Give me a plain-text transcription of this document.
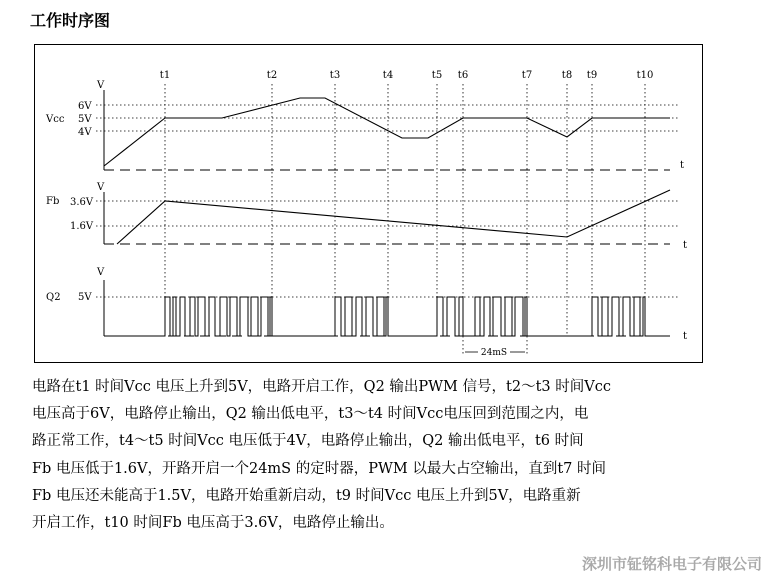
工作时序图
t1	t2	t3	t4	t5 t6	t7	t8 t9	t10
Vcc
V
6V
5V
4V
t
Fb
V
3.6V
1.6V
t
Q2
V
5V
t
24mS

电路在t1 时间Vcc 电压上升到5V，电路开启工作，Q2 输出PWM 信号，t2～t3 时间Vcc

电压高于6V，电路停止输出，Q2 输出低电平，t3～t4 时间Vcc电压回到范围之内，电

路正常工作，t4～t5 时间Vcc 电压低于4V，电路停止输出，Q2 输出低电平，t6 时间

Fb 电压低于1.6V，开路开启一个24mS 的定时器，PWM 以最大占空输出，直到t7 时间

Fb 电压还未能高于1.5V，电路开始重新启动，t9 时间Vcc 电压上升到5V，电路重新

开启工作，t10 时间Fb 电压高于3.6V，电路停止输出。

深圳市钲铭科电子有限公司
